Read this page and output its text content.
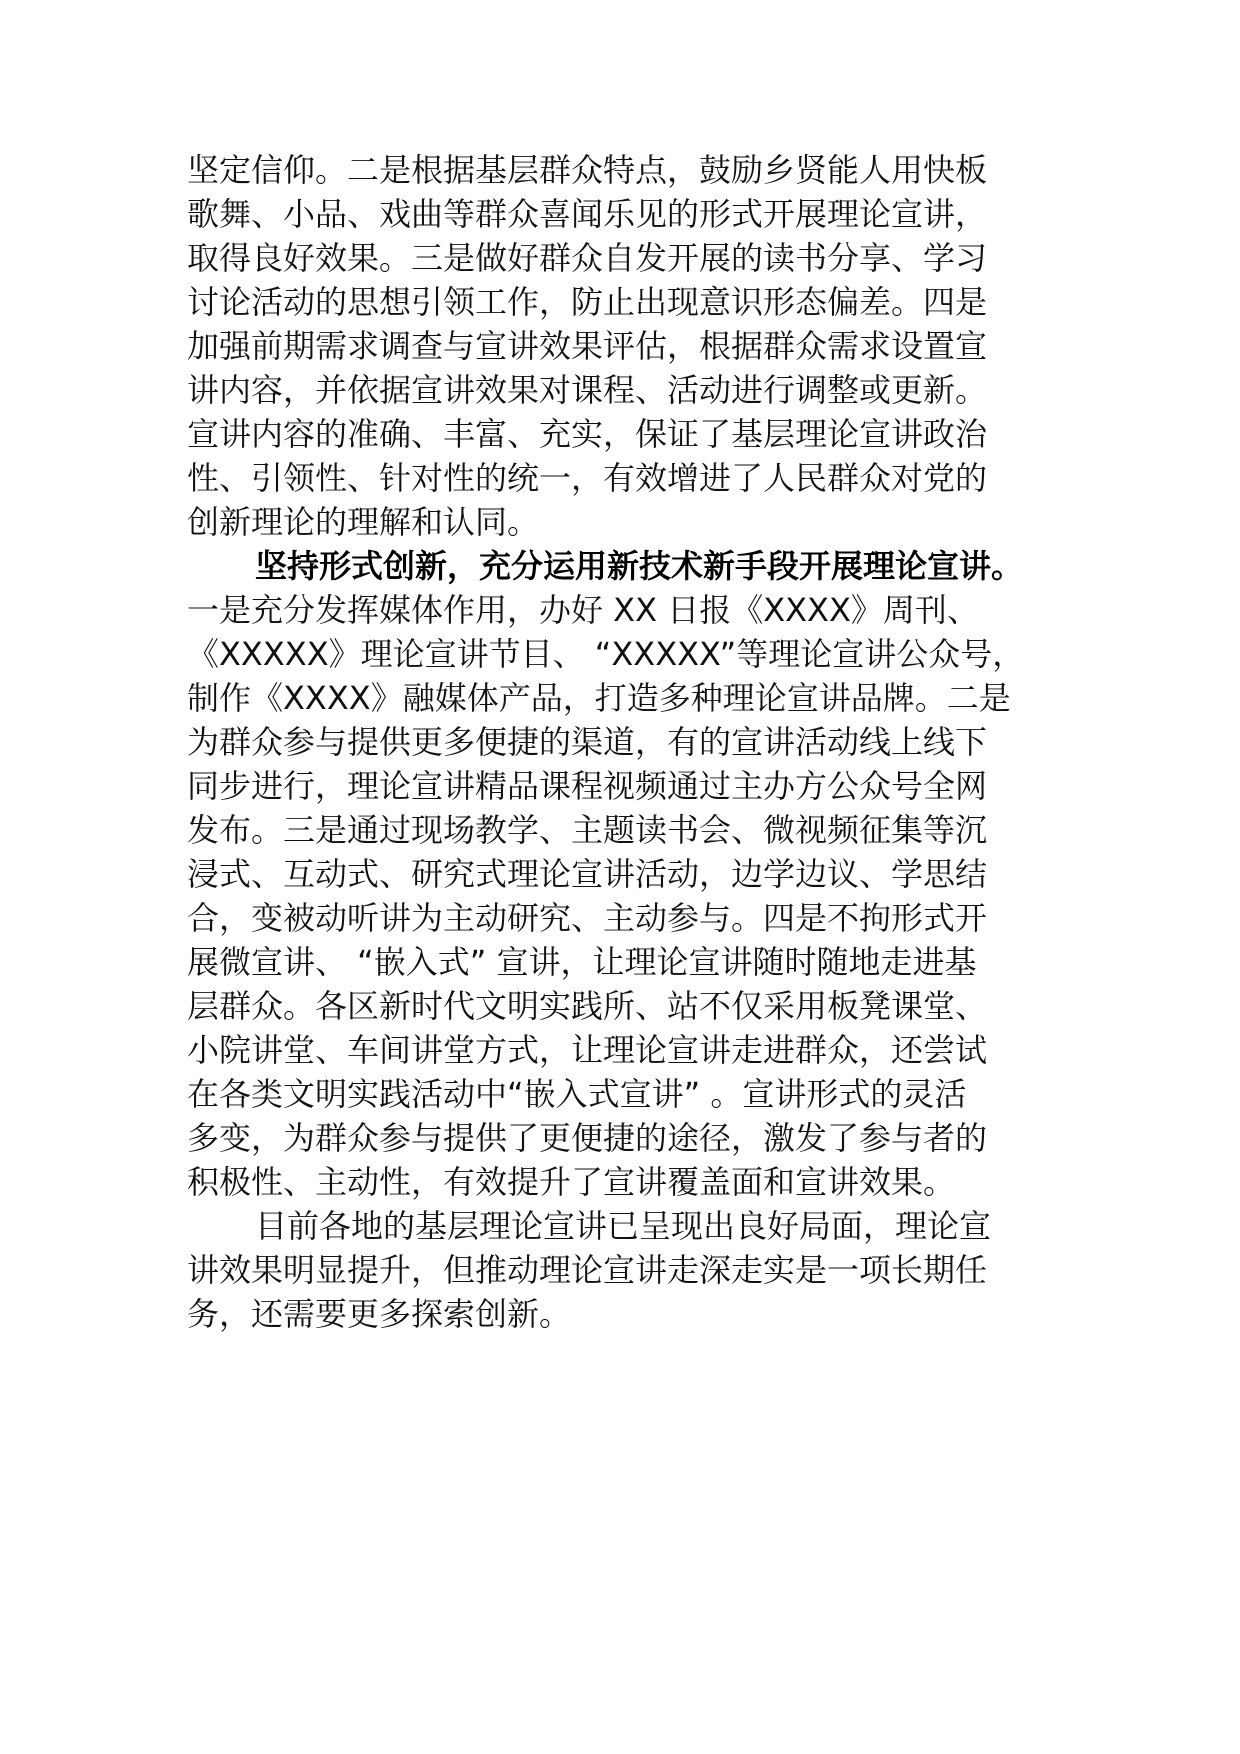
坚定信仰。二是根据基层群众特点，鼓励乡贤能人用快板
歌舞、小品、戏曲等群众喜闻乐见的形式开展理论宣讲，
取得良好效果。三是做好群众自发开展的读书分享、学习
讨论活动的思想引领工作，防止出现意识形态偏差。四是
加强前期需求调查与宣讲效果评估，根据群众需求设置宣
讲内容，并依据宣讲效果对课程、活动进行调整或更新。
宣讲内容的准确、丰富、充实，保证了基层理论宣讲政治
性、引领性、针对性的统一，有效增进了人民群众对党的
创新理论的理解和认同。
坚持形式创新，充分运用新技术新手段开展理论宣讲。
一是充分发挥媒体作用，办好 XX 日报《XXXX》周刊、
《XXXXX》理论宣讲节目、 “XXXXX”等理论宣讲公众号，
制作《XXXX》融媒体产品，打造多种理论宣讲品牌。二是
为群众参与提供更多便捷的渠道，有的宣讲活动线上线下
同步进行，理论宣讲精品课程视频通过主办方公众号全网
发布。三是通过现场教学、主题读书会、微视频征集等沉
浸式、互动式、研究式理论宣讲活动，边学边议、学思结
合，变被动听讲为主动研究、主动参与。四是不拘形式开
展微宣讲、 “嵌入式” 宣讲，让理论宣讲随时随地走进基
层群众。各区新时代文明实践所、站不仅采用板凳课堂、
小院讲堂、车间讲堂方式，让理论宣讲走进群众，还尝试
在各类文明实践活动中“嵌入式宣讲” 。宣讲形式的灵活
多变，为群众参与提供了更便捷的途径，激发了参与者的
积极性、主动性，有效提升了宣讲覆盖面和宣讲效果。
目前各地的基层理论宣讲已呈现出良好局面，理论宣
讲效果明显提升，但推动理论宣讲走深走实是一项长期任
务，还需要更多探索创新。
